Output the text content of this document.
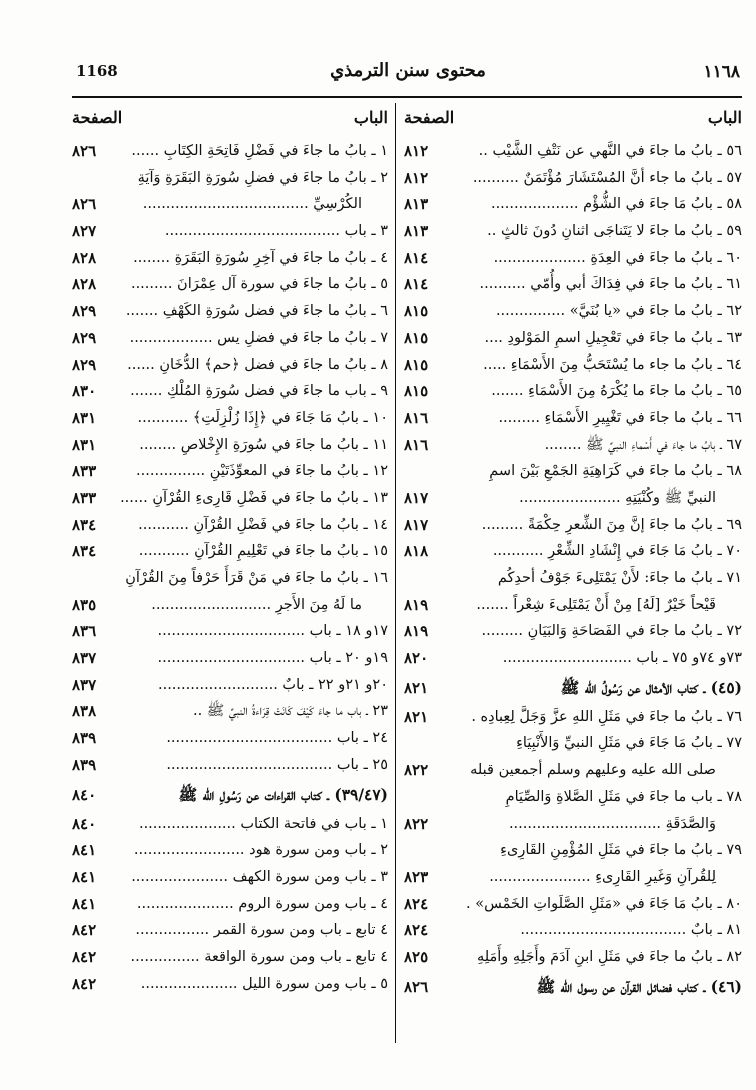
1168	محتوى سنن الترمذي	١١٦٨
الباب
الصفحة
٥٦ ـ بابُ ما جاءَ في النَّهي عن نَتْفِ الشَّيْب ..
٨١٢
٥٧ ـ بابُ ما جاء أنَّ المُسْتَشَارَ مُؤْتَمَنٌ ..........
٨١٢
٥٨ ـ بابُ مَا جاءَ في الشُّؤْم ...................
٨١٣
٥٩ ـ بابُ ما جاءَ لا يَتَناجَى اثنانِ دُونَ ثالثٍ ..
٨١٣
٦٠ ـ بابُ ما جاءَ في العِدَةِ ....................
٨١٤
٦١ ـ بابُ ما جاءَ في فِدَاكَ أبي وأُمّي ..........
٨١٤
٦٢ ـ بابُ ما جاءَ في «يا بُنَيَّ» ...............
٨١٥
٦٣ ـ بابُ ما جاءَ في تَعْجِيلِ اسمِ المَوْلودِ ....
٨١٥
٦٤ ـ بابُ ما جاء ما يُسْتَحَبُّ مِنَ الأَسْمَاءِ .....
٨١٥
٦٥ ـ بابُ ما جاءَ ما يُكْرَهُ مِنَ الأَسْمَاءِ .......
٨١٥
٦٦ ـ بابُ ما جاءَ في تَغْيِيرِ الأَسْمَاءِ .........
٨١٦
٦٧ ـ بابُ ما جاءَ في أَسْماءِ النبيِّ ﷺ ........
٨١٦
٦٨ ـ بابُ ما جاءَ في كَرَاهِيَةِ الجَمْعِ بَيْنَ اسمِ
النبيِّ ﷺ وكُنْيَتِهِ ......................
٨١٧
٦٩ ـ بابُ ما جاءَ إنَّ مِنَ الشِّعرِ حِكْمَةً .........
٨١٧
٧٠ ـ بابُ مَا جَاءَ في إِنْشَادِ الشِّعْرِ ...........
٨١٨
٧١ ـ بابُ ما جاءَ: لأَنْ يَمْتَلِىءَ جَوْفُ أحدِكُم
قَيْحاً خَيْرٌ [لَهُ] مِنْ أَنْ يَمْتَلِىءَ شِعْراً .......
٨١٩
٧٢ ـ بابُ ما جاءَ في الفَصَاحَةِ وَالبَيَانِ .........
٨١٩
٧٣و ٧٤و ٧٥ ـ باب ............................
٨٢٠
(٤٥) ـ كتاب الأمثال عن رَسُولُ الله ﷺ
٨٢١
٧٦ ـ بابُ ما جاءَ في مَثَلِ اللهِ عزَّ وَجَلَّ لِعِبادِه .
٨٢١
٧٧ ـ بابُ مَا جَاءَ في مَثَلِ النبيِّ وَالأَنْبِيَاءِ
صلى الله عليه وعليهم وسلم أجمعين قبله
٨٢٢
٧٨ ـ باب ما جاءَ في مَثَلِ الصَّلاةِ وَالصِّيَامِ
وَالصَّدَقَةِ .................................
٨٢٢
٧٩ ـ بابُ ما جاءَ في مَثَلِ المُؤْمِنِ القَارِىءِ
لِلقُرآنِ وَغَيرِ القَارِىءِ ......................
٨٢٣
٨٠ ـ بابُ مَا جَاءَ في «مَثَلِ الصَّلَواتِ الخَمْس» .
٨٢٤
٨١ ـ بابٌ ....................................
٨٢٤
٨٢ ـ بابُ ما جاءَ في مَثَلِ ابنِ آدَمَ وأَجَلِهِ وأَمَلِهِ
٨٢٥
(٤٦) ـ كتاب فضائل القرآن عن رسول الله ﷺ
٨٢٦
الباب
الصفحة
١ ـ بابُ ما جاءَ في فَضْلِ فَاتِحَةِ الكِتَابِ ......
٨٢٦
٢ ـ بابُ ما جاءَ في فضلِ سُورَةِ البَقَرَةِ وَآيَةِ
الكُرْسِيِّ ....................................
٨٢٦
٣ ـ باب ......................................
٨٢٧
٤ ـ بابُ ما جاءَ في آخِرِ سُورَةِ البَقَرَةِ ........
٨٢٨
٥ ـ بابُ ما جاءَ في سورة آل عِمْرَانَ .........
٨٢٨
٦ ـ بابُ ما جاءَ في فضل سُورَةِ الكَهْفِ .......
٨٢٩
٧ ـ بابُ ما جاءَ في فضلِ يس ..................
٨٢٩
٨ ـ بابُ ما جاءَ في فضل ﴿حم﴾ الدُّخَانِ ......
٨٢٩
٩ ـ باب ما جاءَ في فضل سُورَةِ المُلْكِ .......
٨٣٠
١٠ ـ بابُ مَا جَاءَ في ﴿إِذَا زُلْزِلَتِ﴾ ...........
٨٣١
١١ ـ بابُ ما جاءَ في سُورَةِ الإِخْلاصِ ........
٨٣١
١٢ ـ بابُ ما جاءَ في المعوِّذَتَيْنِ ...............
٨٣٣
١٣ ـ بابُ ما جاءَ في فَضْلِ قَارِىءِ القُرْآنِ ......
٨٣٣
١٤ ـ بابُ ما جاءَ في فَضْلِ القُرْآنِ ...........
٨٣٤
١٥ ـ بابُ ما جاءَ في تَعْلِيمِ القُرْآنِ ...........
٨٣٤
١٦ ـ بابُ ما جاءَ في مَنْ قَرَأَ حَرْفاً مِنَ القُرْآنِ
ما لَهُ مِنَ الأَجرِ ..........................
٨٣٥
١٧و ١٨ ـ باب ................................
٨٣٦
١٩و ٢٠ ـ باب ................................
٨٣٧
٢٠و ٢١و ٢٢ ـ بابٌ ..........................
٨٣٧
٢٣ ـ باب ما جاءَ كَيْفَ كَانَتْ قِرَاءةُ النبيِّ ﷺ ..
٨٣٨
٢٤ ـ باب ....................................
٨٣٩
٢٥ ـ باب ....................................
٨٣٩
(٣٩/٤٧) ـ كتاب القراءات عن رَسُولِ الله ﷺ
٨٤٠
١ ـ باب في فاتحة الكتاب .....................
٨٤٠
٢ ـ باب ومن سورة هود ........................
٨٤١
٣ ـ باب ومن سورة الكهف .....................
٨٤١
٤ ـ باب ومن سورة الروم .....................
٨٤١
٤ تابع ـ باب ومن سورة القمر ................
٨٤٢
٤ تابع ـ باب ومن سورة الواقعة ...............
٨٤٢
٥ ـ باب ومن سورة الليل .....................
٨٤٢
